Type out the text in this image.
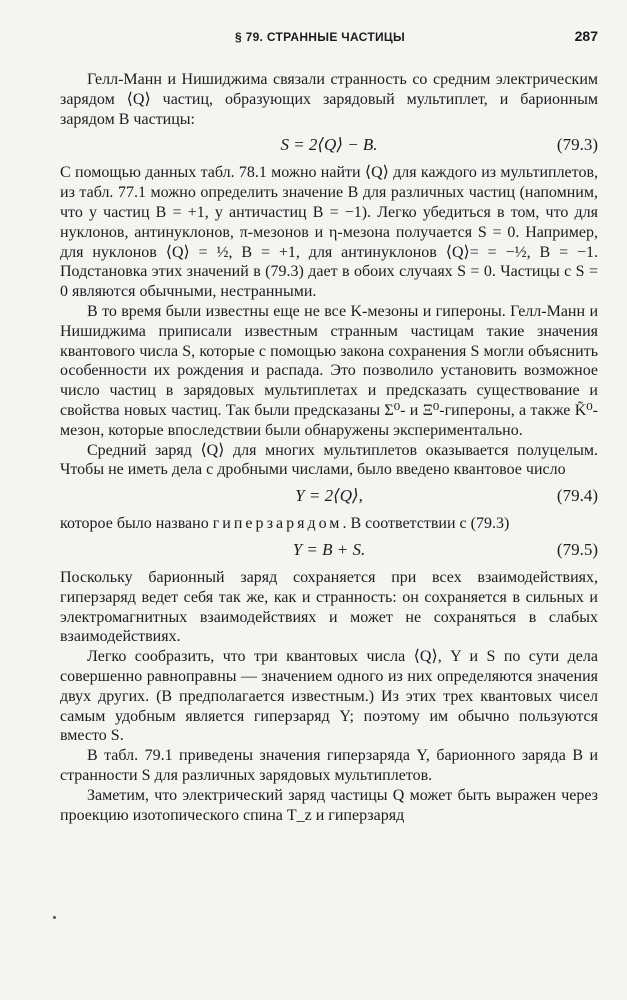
§ 79. СТРАННЫЕ ЧАСТИЦЫ	287

Гелл-Манн и Нишиджима связали странность со средним электрическим зарядом ⟨Q⟩ частиц, образующих зарядовый мультиплет, и барионным зарядом B частицы:

S = 2⟨Q⟩ − B.	(79.3)

С помощью данных табл. 78.1 можно найти ⟨Q⟩ для каждого из мультиплетов, из табл. 77.1 можно определить значение B для различных частиц (напомним, что у частиц B = +1, у античастиц B = −1). Легко убедиться в том, что для нуклонов, антинуклонов, π-мезонов и η-мезона получается S = 0. Например, для нуклонов ⟨Q⟩ = ½, B = +1, для антинуклонов ⟨Q⟩= = −½, B = −1. Подстановка этих значений в (79.3) дает в обоих случаях S = 0. Частицы с S = 0 являются обычными, нестранными.

В то время были известны еще не все K-мезоны и гипероны. Гелл-Манн и Нишиджима приписали известным странным частицам такие значения квантового числа S, которые с помощью закона сохранения S могли объяснить особенности их рождения и распада. Это позволило установить возможное число частиц в зарядовых мультиплетах и предсказать существование и свойства новых частиц. Так были предсказаны Σ⁰- и Ξ⁰-гипероны, а также K̃⁰-мезон, которые впоследствии были обнаружены экспериментально.

Средний заряд ⟨Q⟩ для многих мультиплетов оказывается полуцелым. Чтобы не иметь дела с дробными числами, было введено квантовое число

Y = 2⟨Q⟩,	(79.4)

которое было названо гиперзарядом. В соответствии с (79.3)

Y = B + S.	(79.5)

Поскольку барионный заряд сохраняется при всех взаимодействиях, гиперзаряд ведет себя так же, как и странность: он сохраняется в сильных и электромагнитных взаимодействиях и может не сохраняться в слабых взаимодействиях.

Легко сообразить, что три квантовых числа ⟨Q⟩, Y и S по сути дела совершенно равноправны — значением одного из них определяются значения двух других. (B предполагается известным.) Из этих трех квантовых чисел самым удобным является гиперзаряд Y; поэтому им обычно пользуются вместо S.

В табл. 79.1 приведены значения гиперзаряда Y, барионного заряда B и странности S для различных зарядовых мультиплетов.

Заметим, что электрический заряд частицы Q может быть выражен через проекцию изотопического спина T_z и гиперзаряд
